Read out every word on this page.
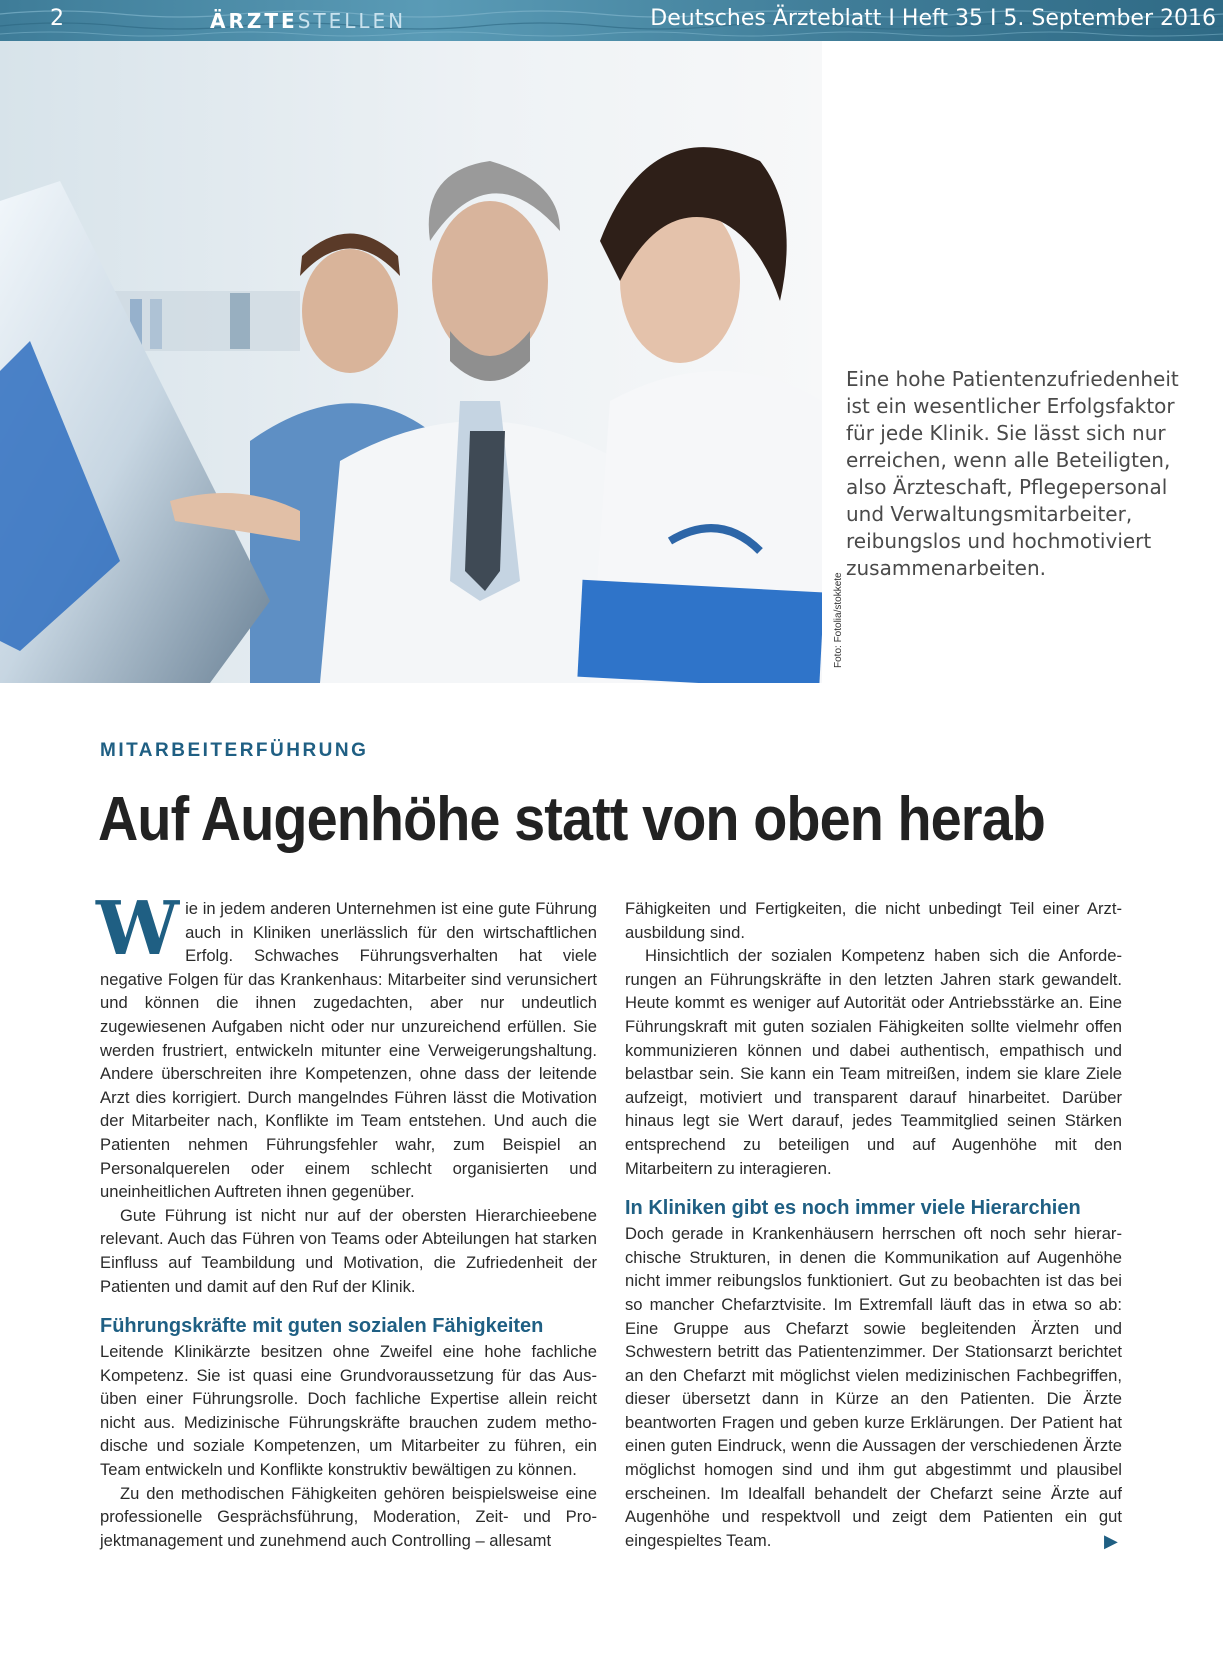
2	ÄRZTESTELLEN	Deutsches Ärzteblatt I Heft 35 I 5. September 2016
Foto: Fotolia/stokkete
Eine hohe Patientenzufriedenheit ist ein wesentlicher Erfolgsfaktor für jede Klinik. Sie lässt sich nur erreichen, wenn alle Beteiligten, also Ärzteschaft, Pflegepersonal und Verwaltungsmitarbeiter, reibungslos und hochmotiviert zusammenarbeiten.
MITARBEITERFÜHRUNG
Auf Augenhöhe statt von oben herab

Wie in jedem anderen Unternehmen ist eine gute Führung auch in Kliniken unerlässlich für den wirtschaftlichen Erfolg. Schwaches Führungsverhalten hat viele negative Folgen für das Krankenhaus: Mitarbeiter sind verunsichert und können die ihnen zugedachten, aber nur undeutlich zugewiesenen Aufgaben nicht oder nur unzureichend erfüllen. Sie werden frustriert, entwickeln mitunter eine Verweigerungshaltung. Andere überschreiten ihre Kompetenzen, ohne dass der leitende Arzt dies korrigiert. Durch mangelndes Führen lässt die Motivation der Mitarbeiter nach, Konflikte im Team entstehen. Und auch die Patienten nehmen Führungsfehler wahr, zum Beispiel an Personalquerelen oder einem schlecht organisierten und uneinheitlichen Auftreten ihnen gegenüber.

Gute Führung ist nicht nur auf der obersten Hierarchieebene relevant. Auch das Führen von Teams oder Abteilungen hat starken Einfluss auf Teambildung und Motivation, die Zufriedenheit der Patienten und damit auf den Ruf der Klinik.

Führungskräfte mit guten sozialen Fähigkeiten

Leitende Klinikärzte besitzen ohne Zweifel eine hohe fachliche Kompetenz. Sie ist quasi eine Grundvoraussetzung für das Ausüben einer Führungsrolle. Doch fachliche Expertise allein reicht nicht aus. Medizinische Führungskräfte brauchen zudem methodische und soziale Kompetenzen, um Mitarbeiter zu führen, ein Team entwickeln und Konflikte konstruktiv bewältigen zu können.

Zu den methodischen Fähigkeiten gehören beispielsweise eine professionelle Gesprächsführung, Moderation, Zeit- und Projektmanagement und zunehmend auch Controlling – allesamt

Fähigkeiten und Fertigkeiten, die nicht unbedingt Teil einer Arztausbildung sind.

Hinsichtlich der sozialen Kompetenz haben sich die Anforderungen an Führungskräfte in den letzten Jahren stark gewandelt. Heute kommt es weniger auf Autorität oder Antriebsstärke an. Eine Führungskraft mit guten sozialen Fähigkeiten sollte vielmehr offen kommunizieren können und dabei authentisch, empathisch und belastbar sein. Sie kann ein Team mitreißen, indem sie klare Ziele aufzeigt, motiviert und transparent darauf hinarbeitet. Darüber hinaus legt sie Wert darauf, jedes Teammitglied seinen Stärken entsprechend zu beteiligen und auf Augenhöhe mit den Mitarbeitern zu interagieren.

In Kliniken gibt es noch immer viele Hierarchien

Doch gerade in Krankenhäusern herrschen oft noch sehr hierarchische Strukturen, in denen die Kommunikation auf Augenhöhe nicht immer reibungslos funktioniert. Gut zu beobachten ist das bei so mancher Chefarztvisite. Im Extremfall läuft das in etwa so ab: Eine Gruppe aus Chefarzt sowie begleitenden Ärzten und Schwestern betritt das Patientenzimmer. Der Stationsarzt berichtet an den Chefarzt mit möglichst vielen medizinischen Fachbegriffen, dieser übersetzt dann in Kürze an den Patienten. Die Ärzte beantworten Fragen und geben kurze Erklärungen. Der Patient hat einen guten Eindruck, wenn die Aussagen der verschiedenen Ärzte möglichst homogen sind und ihm gut abgestimmt und plausibel erscheinen. Im Idealfall behandelt der Chefarzt seine Ärzte auf Augenhöhe und respektvoll und zeigt dem Patienten ein gut eingespieltes Team.	▶
